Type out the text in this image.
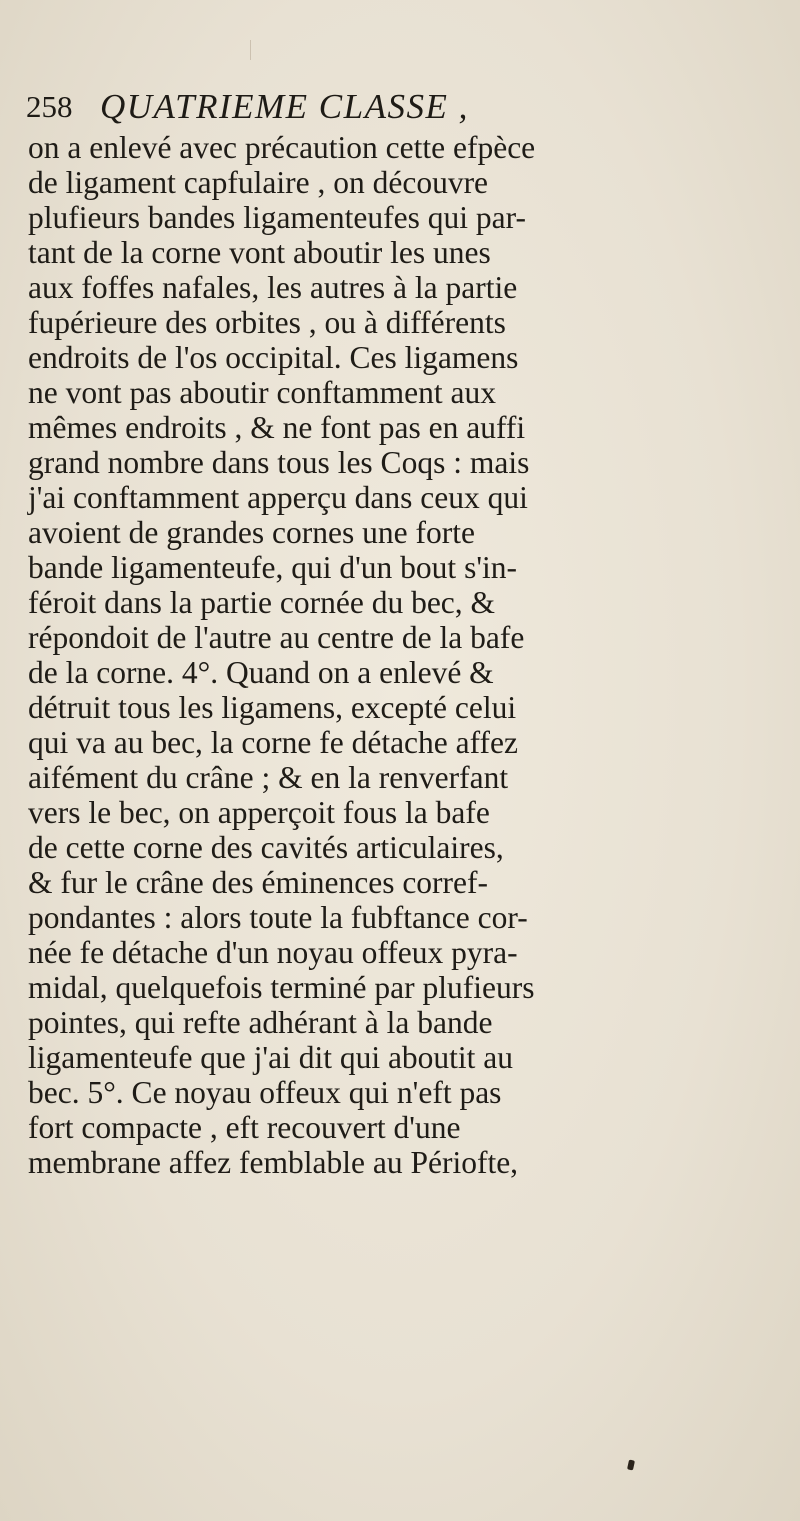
258 QUATRIEME CLASSE ,
on a enlevé avec précaution cette efpèce
de ligament capfulaire , on découvre
plufieurs bandes ligamenteufes qui par-
tant de la corne vont aboutir les unes
aux foffes nafales, les autres à la partie
fupérieure des orbites , ou à différents
endroits de l'os occipital. Ces ligamens
ne vont pas aboutir conftamment aux
mêmes endroits , & ne font pas en auffi
grand nombre dans tous les Coqs : mais
j'ai conftamment apperçu dans ceux qui
avoient de grandes cornes une forte
bande ligamenteufe, qui d'un bout s'in-
féroit dans la partie cornée du bec, &
répondoit de l'autre au centre de la bafe
de la corne. 4°. Quand on a enlevé &
détruit tous les ligamens, excepté celui
qui va au bec, la corne fe détache affez
aifément du crâne ; & en la renverfant
vers le bec, on apperçoit fous la bafe
de cette corne des cavités articulaires,
& fur le crâne des éminences corref-
pondantes : alors toute la fubftance cor-
née fe détache d'un noyau offeux pyra-
midal, quelquefois terminé par plufieurs
pointes, qui refte adhérant à la bande
ligamenteufe que j'ai dit qui aboutit au
bec. 5°. Ce noyau offeux qui n'eft pas
fort compacte , eft recouvert d'une
membrane affez femblable au Périofte,
